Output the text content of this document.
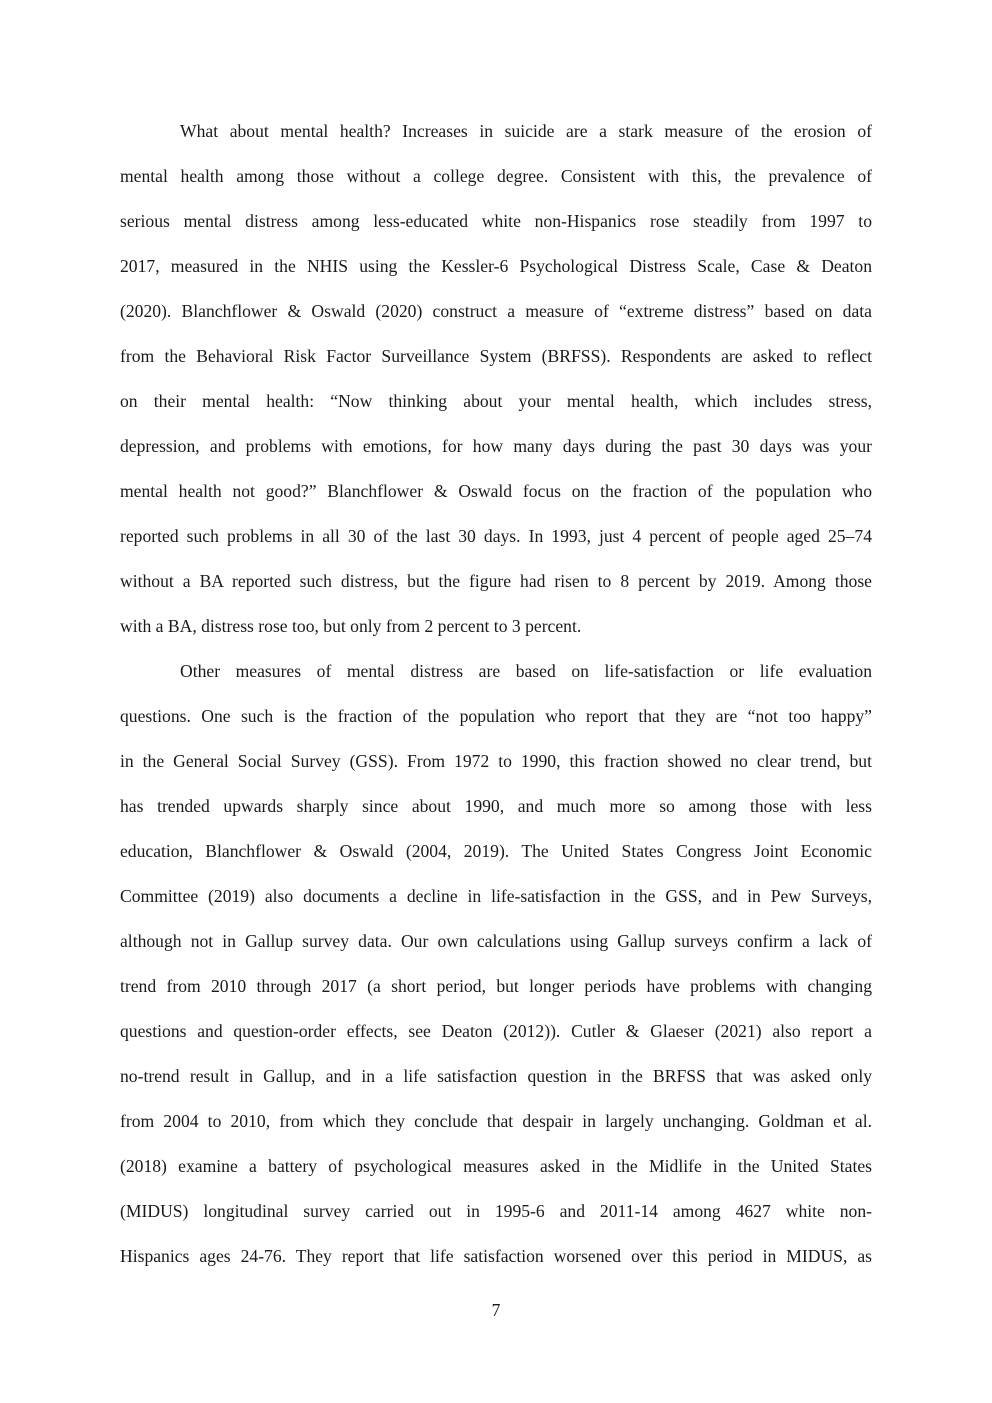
What about mental health? Increases in suicide are a stark measure of the erosion of
mental health among those without a college degree. Consistent with this, the prevalence of
serious mental distress among less-educated white non-Hispanics rose steadily from 1997 to
2017, measured in the NHIS using the Kessler-6 Psychological Distress Scale, Case & Deaton
(2020). Blanchflower & Oswald (2020) construct a measure of “extreme distress” based on data
from the Behavioral Risk Factor Surveillance System (BRFSS). Respondents are asked to reflect
on their mental health: “Now thinking about your mental health, which includes stress,
depression, and problems with emotions, for how many days during the past 30 days was your
mental health not good?” Blanchflower & Oswald focus on the fraction of the population who
reported such problems in all 30 of the last 30 days. In 1993, just 4 percent of people aged 25–74
without a BA reported such distress, but the figure had risen to 8 percent by 2019. Among those
with a BA, distress rose too, but only from 2 percent to 3 percent.
Other measures of mental distress are based on life-satisfaction or life evaluation
questions. One such is the fraction of the population who report that they are “not too happy”
in the General Social Survey (GSS). From 1972 to 1990, this fraction showed no clear trend, but
has trended upwards sharply since about 1990, and much more so among those with less
education, Blanchflower & Oswald (2004, 2019). The United States Congress Joint Economic
Committee (2019) also documents a decline in life-satisfaction in the GSS, and in Pew Surveys,
although not in Gallup survey data. Our own calculations using Gallup surveys confirm a lack of
trend from 2010 through 2017 (a short period, but longer periods have problems with changing
questions and question-order effects, see Deaton (2012)). Cutler & Glaeser (2021) also report a
no-trend result in Gallup, and in a life satisfaction question in the BRFSS that was asked only
from 2004 to 2010, from which they conclude that despair in largely unchanging. Goldman et al.
(2018) examine a battery of psychological measures asked in the Midlife in the United States
(MIDUS) longitudinal survey carried out in 1995-6 and 2011-14 among 4627 white non-
Hispanics ages 24-76. They report that life satisfaction worsened over this period in MIDUS, as
7
